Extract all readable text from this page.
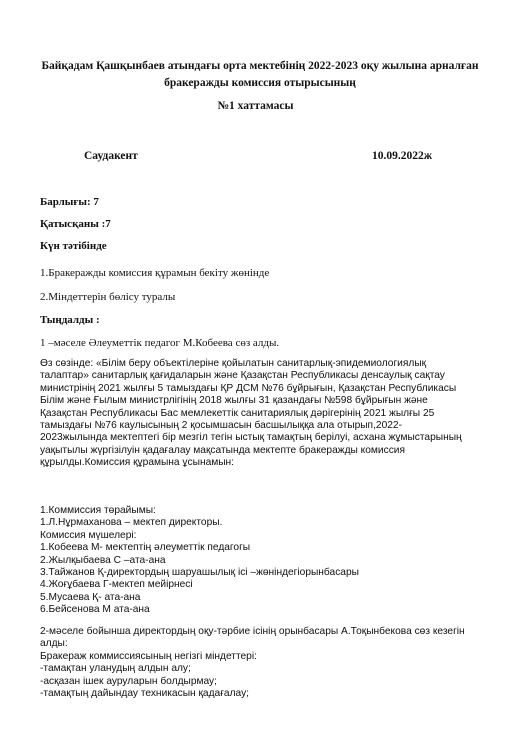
Байқадам Қашқынбаев атындағы орта мектебінің 2022-2023 оқу жылына арналған бракеражды комиссия отырысының
№1 хаттамасы
Саудакент	10.09.2022ж
Барлығы: 7
Қатысқаны :7
Күн тәтібінде
1.Бракеражды комиссия құрамын бекіту жөнінде
2.Міндеттерін бөлісу туралы
Тыңдалды :
1 –мәселе Әлеуметтік педагог М.Кобеева сөз алды.
Өз сөзінде: «Білім беру объектілеріне қойылатын санитарлық-эпидемиологиялық
талаптар» санитарлық қағидаларын және Қазақстан Республикасы денсаулық сақтау
министрінің 2021 жылғы 5 тамыздағы ҚР ДСМ №76 бұйрығын, Қазақстан Республикасы
Білім және Ғылым министрлігінің 2018 жылғы 31 қазандағы №598 бұйрығын және
Қазақстан Республикасы Бас мемлекеттік санитариялық дәрігерінің 2021 жылғы 25
тамыздағы №76 каулысының 2 қосымшасын басшылыққа ала отырып,2022-
2023жылында мектептегі бір мезгіл тегін ыстық тамақтың берілуі, асхана жұмыстарының
уақытылы жүргізілуін қадағалау мақсатында мектепте бракеражды комиссия
құрылды.Комиссия құрамына ұсынамын:
1.Коммиссия төрайымы:
1.Л.Нұрмаханова – мектеп директоры.
Комиссия мүшелері:
1.Кобеева М- мектептің әлеуметтік педагогы
2.Жылқыбаева С –ата-ана
3.Тайжанов Қ-директордың шаруашылық ісі –жөніндегіорынбасары
4.Жоғұбаева Г-мектеп мейірнесі
5.Мусаева Қ- ата-ана
6.Бейсенова М ата-ана
2-мәселе бойынша директордың оқу-тәрбие ісінің орынбасары А.Тоқынбекова сөз кезегін
алды:
Бракераж коммиссиясының негізгі міндеттері:
-тамақтан уланудың алдын алу;
-асқазан ішек ауруларын болдырмау;
-тамақтың дайындау техникасын қадағалау;
